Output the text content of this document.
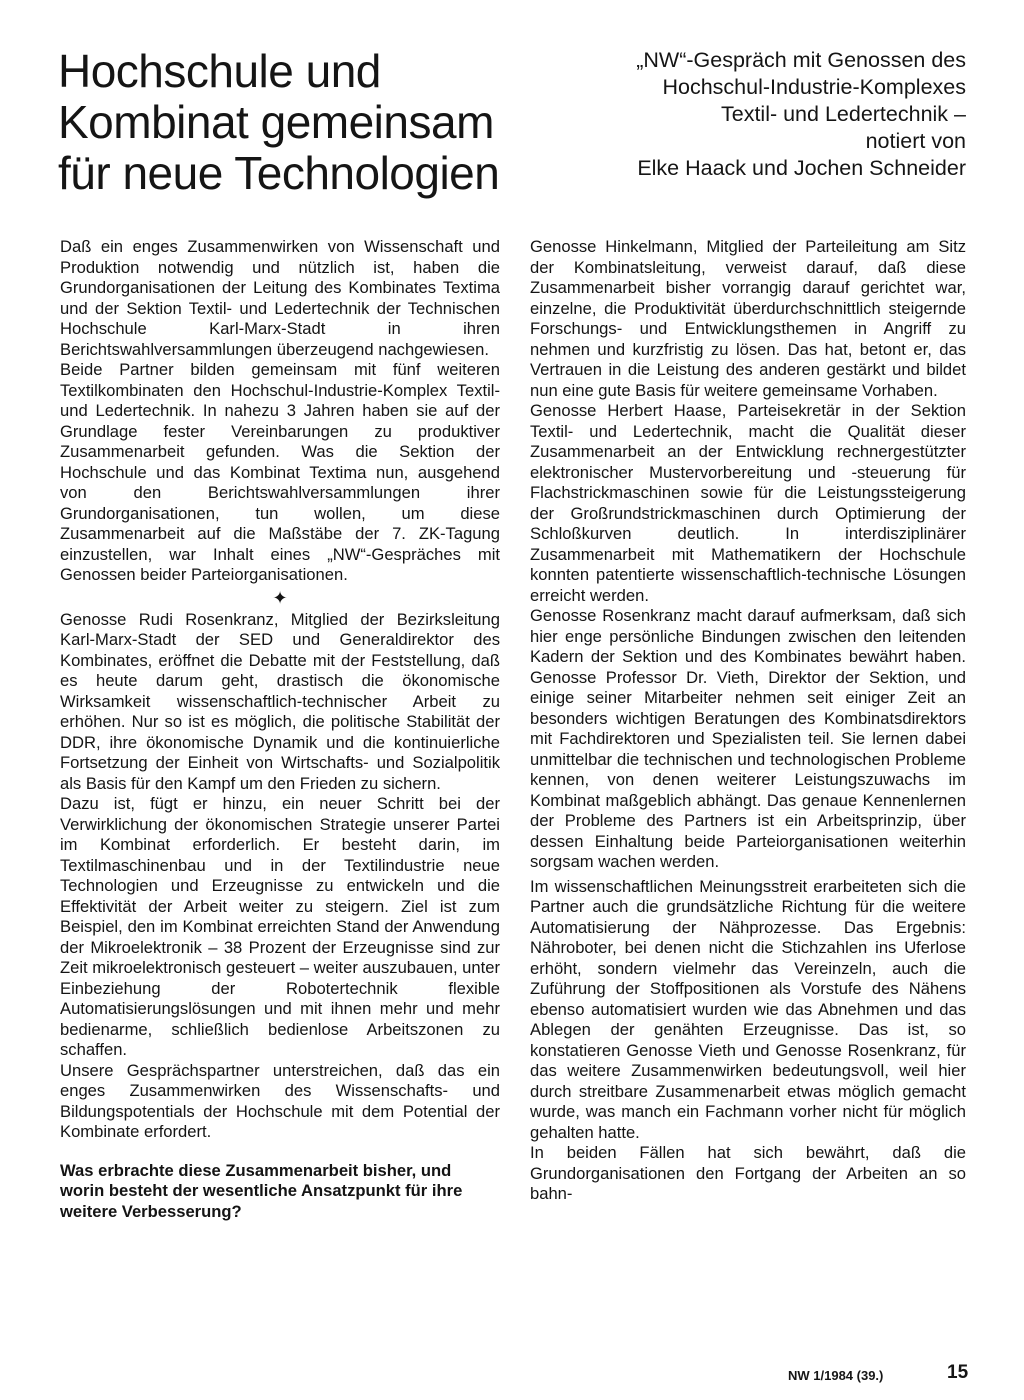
Hochschule und
Kombinat gemeinsam
für neue Technologien
„NW“-Gespräch mit Genossen des
Hochschul-Industrie-Komplexes
Textil- und Ledertechnik –
notiert von
Elke Haack und Jochen Schneider

Daß ein enges Zusammenwirken von Wissenschaft und Produktion notwendig und nützlich ist, haben die Grundorganisationen der Leitung des Kombinates Textima und der Sektion Textil- und Ledertechnik der Technischen Hochschule Karl-Marx-Stadt in ihren Berichtswahlversammlungen überzeugend nachgewiesen.

Beide Partner bilden gemeinsam mit fünf weiteren Textilkombinaten den Hochschul-Industrie-Komplex Textil- und Ledertechnik. In nahezu 3 Jahren haben sie auf der Grundlage fester Vereinbarungen zu produktiver Zusammenarbeit gefunden. Was die Sektion der Hochschule und das Kombinat Textima nun, ausgehend von den Berichtswahlversammlungen ihrer Grundorganisationen, tun wollen, um diese Zusammenarbeit auf die Maßstäbe der 7. ZK-Tagung einzustellen, war Inhalt eines „NW“-Gespräches mit Genossen beider Parteiorganisationen.

✦

Genosse Rudi Rosenkranz, Mitglied der Bezirksleitung Karl-Marx-Stadt der SED und Generaldirektor des Kombinates, eröffnet die Debatte mit der Feststellung, daß es heute darum geht, drastisch die ökonomische Wirksamkeit wissenschaftlich-technischer Arbeit zu erhöhen. Nur so ist es möglich, die politische Stabilität der DDR, ihre ökonomische Dynamik und die kontinuierliche Fortsetzung der Einheit von Wirtschafts- und Sozialpolitik als Basis für den Kampf um den Frieden zu sichern.

Dazu ist, fügt er hinzu, ein neuer Schritt bei der Verwirklichung der ökonomischen Strategie unserer Partei im Kombinat erforderlich. Er besteht darin, im Textilmaschinenbau und in der Textilindustrie neue Technologien und Erzeugnisse zu entwickeln und die Effektivität der Arbeit weiter zu steigern. Ziel ist zum Beispiel, den im Kombinat erreichten Stand der Anwendung der Mikroelektronik – 38 Prozent der Erzeugnisse sind zur Zeit mikroelektronisch gesteuert – weiter auszubauen, unter Einbeziehung der Robotertechnik flexible Automatisierungslösungen und mit ihnen mehr und mehr bedienarme, schließlich bedienlose Arbeitszonen zu schaffen.

Unsere Gesprächspartner unterstreichen, daß das ein enges Zusammenwirken des Wissenschafts- und Bildungspotentials der Hochschule mit dem Potential der Kombinate erfordert.

Was erbrachte diese Zusammenarbeit bisher, und worin besteht der wesentliche Ansatzpunkt für ihre weitere Verbesserung?

Genosse Hinkelmann, Mitglied der Parteileitung am Sitz der Kombinatsleitung, verweist darauf, daß diese Zusammenarbeit bisher vorrangig darauf gerichtet war, einzelne, die Produktivität überdurchschnittlich steigernde Forschungs- und Entwicklungsthemen in Angriff zu nehmen und kurzfristig zu lösen. Das hat, betont er, das Vertrauen in die Leistung des anderen gestärkt und bildet nun eine gute Basis für weitere gemeinsame Vorhaben.

Genosse Herbert Haase, Parteisekretär in der Sektion Textil- und Ledertechnik, macht die Qualität dieser Zusammenarbeit an der Entwicklung rechnergestützter elektronischer Mustervorbereitung und -steuerung für Flachstrickmaschinen sowie für die Leistungssteigerung der Großrundstrickmaschinen durch Optimierung der Schloßkurven deutlich. In interdisziplinärer Zusammenarbeit mit Mathematikern der Hochschule konnten patentierte wissenschaftlich-technische Lösungen erreicht werden.

Genosse Rosenkranz macht darauf aufmerksam, daß sich hier enge persönliche Bindungen zwischen den leitenden Kadern der Sektion und des Kombinates bewährt haben. Genosse Professor Dr. Vieth, Direktor der Sektion, und einige seiner Mitarbeiter nehmen seit einiger Zeit an besonders wichtigen Beratungen des Kombinatsdirektors mit Fachdirektoren und Spezialisten teil. Sie lernen dabei unmittelbar die technischen und technologischen Probleme kennen, von denen weiterer Leistungszuwachs im Kombinat maßgeblich abhängt. Das genaue Kennenlernen der Probleme des Partners ist ein Arbeitsprinzip, über dessen Einhaltung beide Parteiorganisationen weiterhin sorgsam wachen werden.

Im wissenschaftlichen Meinungsstreit erarbeiteten sich die Partner auch die grundsätzliche Richtung für die weitere Automatisierung der Nähprozesse. Das Ergebnis: Nähroboter, bei denen nicht die Stichzahlen ins Uferlose erhöht, sondern vielmehr das Vereinzeln, auch die Zuführung der Stoffpositionen als Vorstufe des Nähens ebenso automatisiert wurden wie das Abnehmen und das Ablegen der genähten Erzeugnisse. Das ist, so konstatieren Genosse Vieth und Genosse Rosenkranz, für das weitere Zusammenwirken bedeutungsvoll, weil hier durch streitbare Zusammenarbeit etwas möglich gemacht wurde, was manch ein Fachmann vorher nicht für möglich gehalten hatte.

In beiden Fällen hat sich bewährt, daß die Grundorganisationen den Fortgang der Arbeiten an so bahn-

NW 1/1984 (39.)	15
